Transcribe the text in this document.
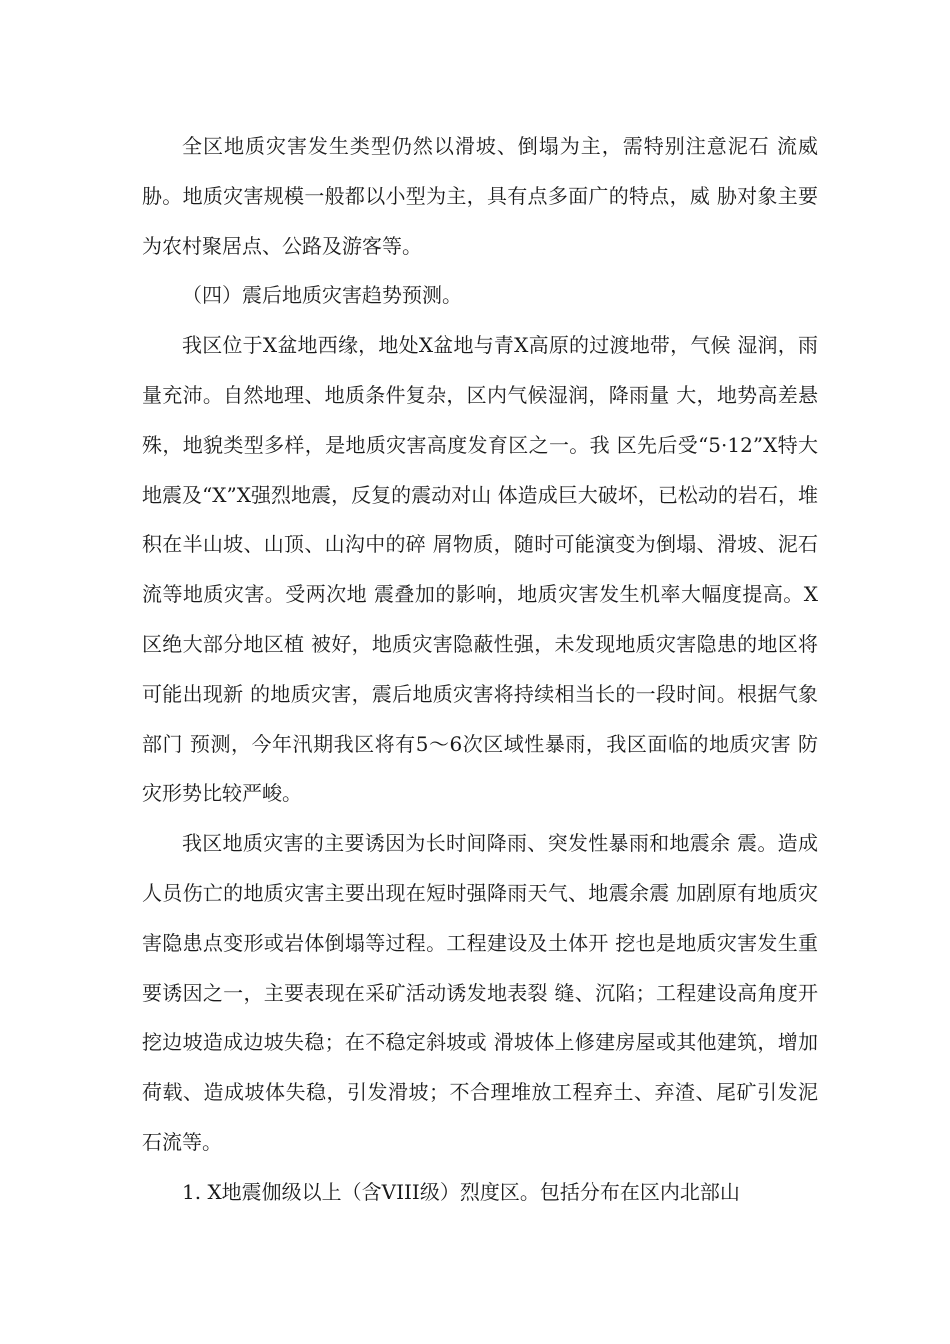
全区地质灾害发生类型仍然以滑坡、倒塌为主，需特别注意泥石 流威胁。地质灾害规模一般都以小型为主，具有点多面广的特点，威 胁对象主要为农村聚居点、公路及游客等。

（四）震后地质灾害趋势预测。

我区位于X盆地西缘，地处X盆地与青X高原的过渡地带，气候 湿润，雨量充沛。自然地理、地质条件复杂，区内气候湿润，降雨量 大，地势高差悬殊，地貌类型多样，是地质灾害高度发育区之一。我 区先后受“5·12”X特大地震及“X”X强烈地震，反复的震动对山 体造成巨大破坏，已松动的岩石，堆积在半山坡、山顶、山沟中的碎 屑物质，随时可能演变为倒塌、滑坡、泥石流等地质灾害。受两次地 震叠加的影响，地质灾害发生机率大幅度提高。X区绝大部分地区植 被好，地质灾害隐蔽性强，未发现地质灾害隐患的地区将可能出现新 的地质灾害，震后地质灾害将持续相当长的一段时间。根据气象部门 预测，今年汛期我区将有5〜6次区域性暴雨，我区面临的地质灾害 防灾形势比较严峻。

我区地质灾害的主要诱因为长时间降雨、突发性暴雨和地震余 震。造成人员伤亡的地质灾害主要出现在短时强降雨天气、地震余震 加剧原有地质灾害隐患点变形或岩体倒塌等过程。工程建设及土体开 挖也是地质灾害发生重要诱因之一，主要表现在采矿活动诱发地表裂 缝、沉陷；工程建设高角度开挖边坡造成边坡失稳；在不稳定斜坡或 滑坡体上修建房屋或其他建筑，增加荷载、造成坡体失稳，引发滑坡；不合理堆放工程弃土、弃渣、尾矿引发泥石流等。

1. X地震伽级以上（含VIII级）烈度区。包括分布在区内北部山
